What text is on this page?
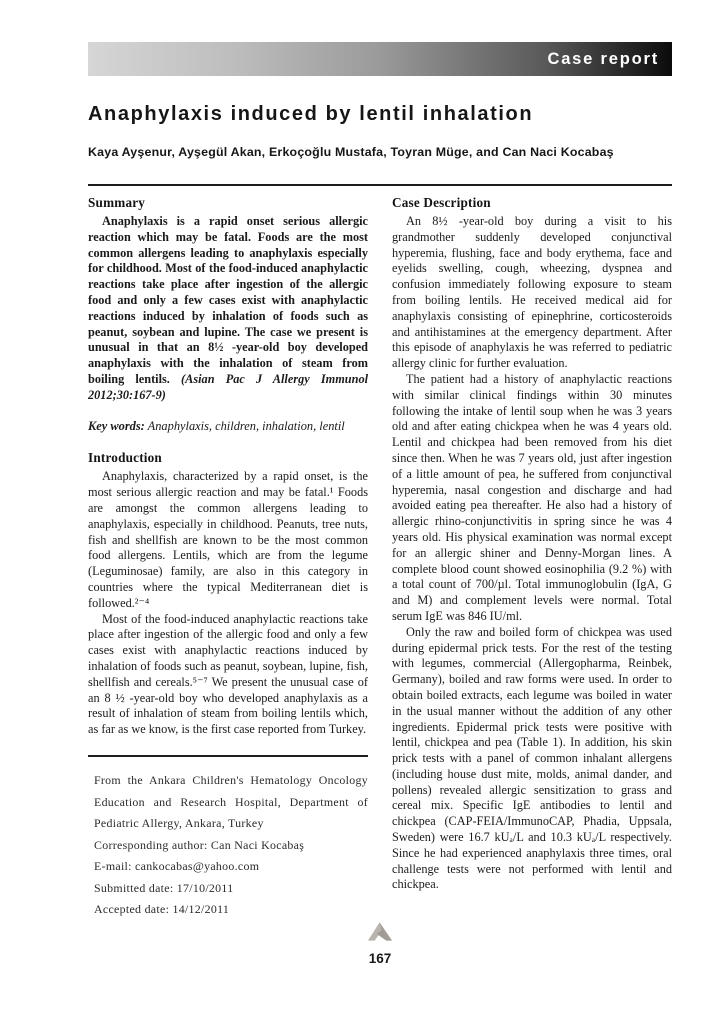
Case report
Anaphylaxis induced by lentil inhalation
Kaya Ayşenur, Ayşegül Akan, Erkoçoğlu Mustafa, Toyran Müge, and Can Naci Kocabaş
Summary

Anaphylaxis is a rapid onset serious allergic reaction which may be fatal. Foods are the most common allergens leading to anaphylaxis especially for childhood. Most of the food-induced anaphylactic reactions take place after ingestion of the allergic food and only a few cases exist with anaphylactic reactions induced by inhalation of foods such as peanut, soybean and lupine. The case we present is unusual in that an 8½ -year-old boy developed anaphylaxis with the inhalation of steam from boiling lentils. (Asian Pac J Allergy Immunol 2012;30:167-9)

Key words: Anaphylaxis, children, inhalation, lentil

Introduction

Anaphylaxis, characterized by a rapid onset, is the most serious allergic reaction and may be fatal.¹ Foods are amongst the common allergens leading to anaphylaxis, especially in childhood. Peanuts, tree nuts, fish and shellfish are known to be the most common food allergens. Lentils, which are from the legume (Leguminosae) family, are also in this category in countries where the typical Mediterranean diet is followed.²⁻⁴

Most of the food-induced anaphylactic reactions take place after ingestion of the allergic food and only a few cases exist with anaphylactic reactions induced by inhalation of foods such as peanut, soybean, lupine, fish, shellfish and cereals.⁵⁻⁷ We present the unusual case of an 8 ½ -year-old boy who developed anaphylaxis as a result of inhalation of steam from boiling lentils which, as far as we know, is the first case reported from Turkey.

From the Ankara Children's Hematology Oncology Education and Research Hospital, Department of Pediatric Allergy, Ankara, Turkey

Corresponding author: Can Naci Kocabaş

E-mail: cankocabas@yahoo.com

Submitted date: 17/10/2011

Accepted date: 14/12/2011

Case Description

An 8½ -year-old boy during a visit to his grandmother suddenly developed conjunctival hyperemia, flushing, face and body erythema, face and eyelids swelling, cough, wheezing, dyspnea and confusion immediately following exposure to steam from boiling lentils. He received medical aid for anaphylaxis consisting of epinephrine, corticosteroids and antihistamines at the emergency department. After this episode of anaphylaxis he was referred to pediatric allergy clinic for further evaluation.

The patient had a history of anaphylactic reactions with similar clinical findings within 30 minutes following the intake of lentil soup when he was 3 years old and after eating chickpea when he was 4 years old. Lentil and chickpea had been removed from his diet since then. When he was 7 years old, just after ingestion of a little amount of pea, he suffered from conjunctival hyperemia, nasal congestion and discharge and had avoided eating pea thereafter. He also had a history of allergic rhino-conjunctivitis in spring since he was 4 years old. His physical examination was normal except for an allergic shiner and Denny-Morgan lines. A complete blood count showed eosinophilia (9.2 %) with a total count of 700/µl. Total immunoglobulin (IgA, G and M) and complement levels were normal. Total serum IgE was 846 IU/ml.

Only the raw and boiled form of chickpea was used during epidermal prick tests. For the rest of the testing with legumes, commercial (Allergopharma, Reinbek, Germany), boiled and raw forms were used. In order to obtain boiled extracts, each legume was boiled in water in the usual manner without the addition of any other ingredients. Epidermal prick tests were positive with lentil, chickpea and pea (Table 1). In addition, his skin prick tests with a panel of common inhalant allergens (including house dust mite, molds, animal dander, and pollens) revealed allergic sensitization to grass and cereal mix. Specific IgE antibodies to lentil and chickpea (CAP-FEIA/ImmunoCAP, Phadia, Uppsala, Sweden) were 16.7 kUₐ/L and 10.3 kUₐ/L respectively. Since he had experienced anaphylaxis three times, oral challenge tests were not performed with lentil and chickpea.

167
